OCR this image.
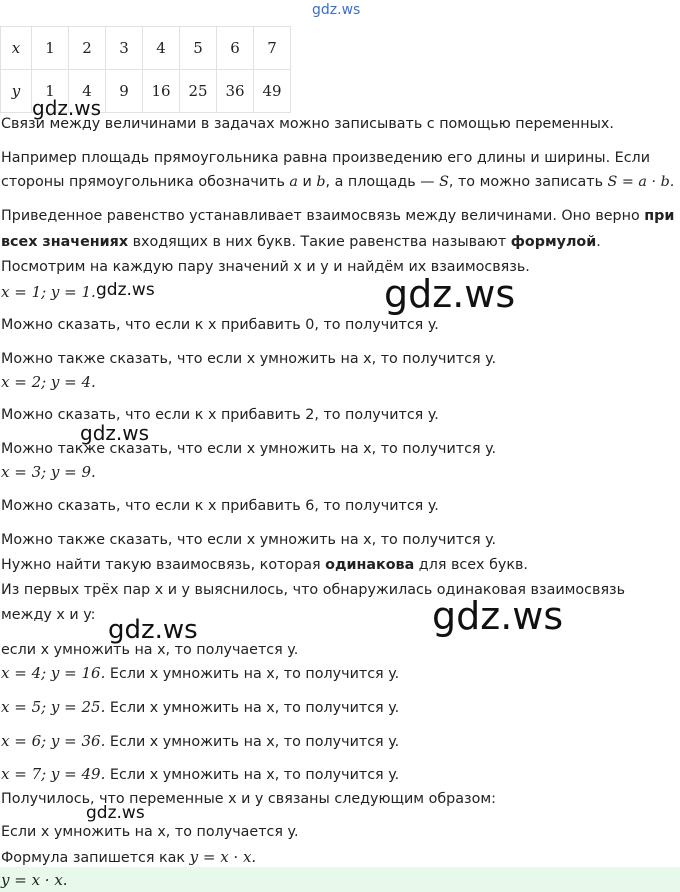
gdz.ws
x	1	2	3	4	5	6	7
y	1	4	9	16	25	36	49
Связи между величинами в задачах можно записывать с помощью переменных.
Например площадь прямоугольника равна произведению его длины и ширины. Если
стороны прямоугольника обозначить a и b, а площадь — S, то можно записать S = a · b.
Приведенное равенство устанавливает взаимосвязь между величинами. Оно верно при
всех значениях входящих в них букв. Такие равенства называют формулой.
Посмотрим на каждую пару значений x и y и найдём их взаимосвязь.
x = 1; y = 1.
Можно сказать, что если к x прибавить 0, то получится y.
Можно также сказать, что если x умножить на x, то получится y.
x = 2; y = 4.
Можно сказать, что если к x прибавить 2, то получится y.
Можно также сказать, что если x умножить на x, то получится y.
x = 3; y = 9.
Можно сказать, что если к x прибавить 6, то получится y.
Можно также сказать, что если x умножить на x, то получится y.
Нужно найти такую взаимосвязь, которая одинакова для всех букв.
Из первых трёх пар x и y выяснилось, что обнаружилась одинаковая взаимосвязь
между x и y:
если x умножить на x, то получается y.
x = 4; y = 16. Если x умножить на x, то получится y.
x = 5; y = 25. Если x умножить на x, то получится y.
x = 6; y = 36. Если x умножить на x, то получится y.
x = 7; y = 49. Если x умножить на x, то получится y.
Получилось, что переменные x и y связаны следующим образом:
Если x умножить на x, то получается y.
Формула запишется как y = x · x.
y = x · x.
gdz.ws
gdz.ws	gdz.ws
gdz.ws
gdz.ws	gdz.ws
gdz.ws
